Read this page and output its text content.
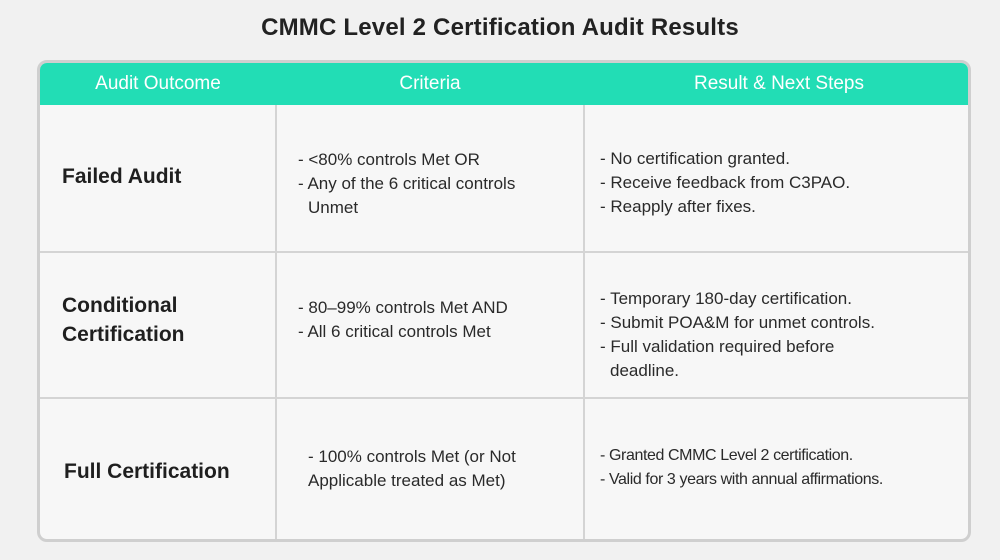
CMMC Level 2 Certification Audit Results
Audit Outcome	Criteria	Result & Next Steps
Failed Audit
- <80% controls Met OR
- Any of the 6 critical controls
Unmet
- No certification granted.
- Receive feedback from C3PAO.
- Reapply after fixes.
Conditional
Certification
- 80–99% controls Met AND
- All 6 critical controls Met
- Temporary 180-day certification.
- Submit POA&M for unmet controls.
- Full validation required before
deadline.
Full Certification
- 100% controls Met (or Not
Applicable treated as Met)
- Granted CMMC Level 2 certification.
- Valid for 3 years with annual affirmations.
